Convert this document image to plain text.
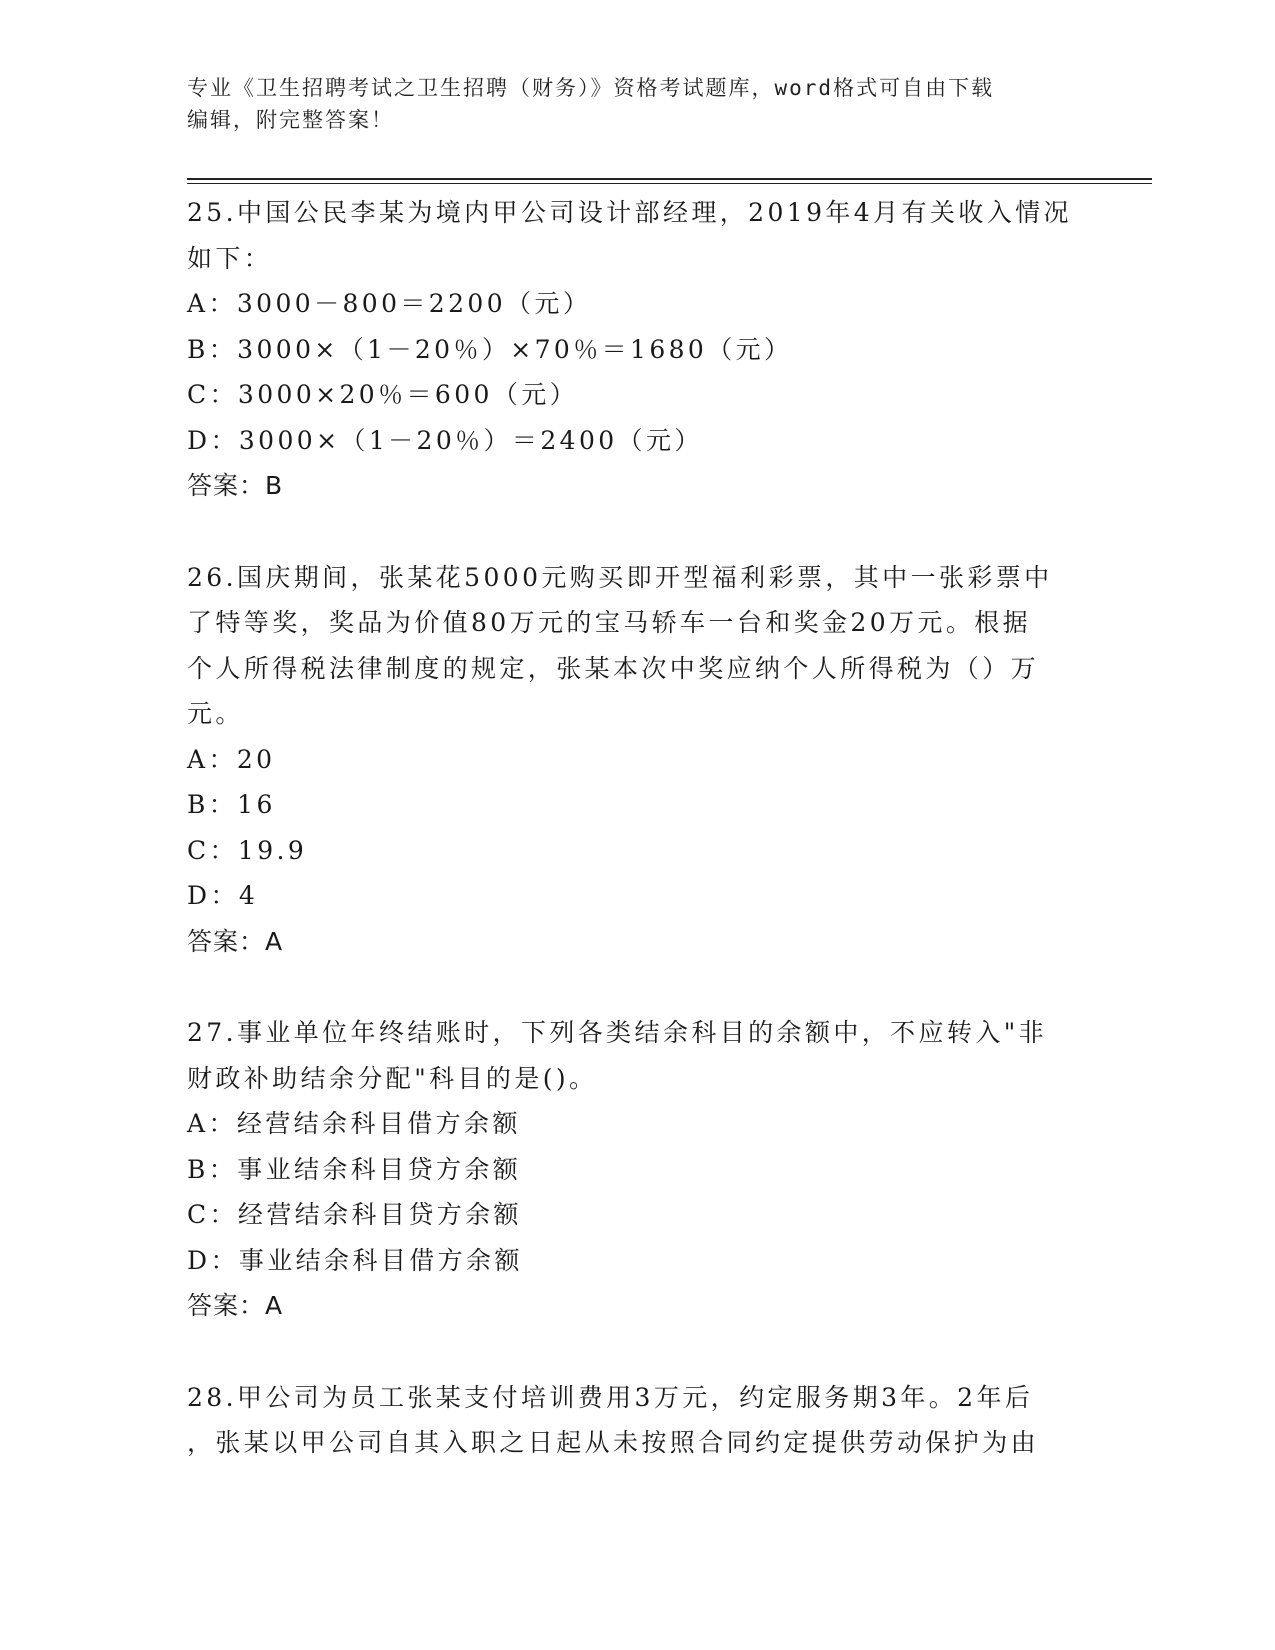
专业《卫生招聘考试之卫生招聘（财务）》资格考试题库，word格式可自由下载
编辑，附完整答案！
25.中国公民李某为境内甲公司设计部经理，2019年4月有关收入情况
如下：
A：3000－800＝2200（元）
B：3000×（1－20％）×70％＝1680（元）
C：3000×20％＝600（元）
D：3000×（1－20％）＝2400（元）
答案：B
26.国庆期间，张某花5000元购买即开型福利彩票，其中一张彩票中
了特等奖，奖品为价值80万元的宝马轿车一台和奖金20万元。根据
个人所得税法律制度的规定，张某本次中奖应纳个人所得税为（）万
元。
A：20
B：16
C：19.9
D：4
答案：A
27.事业单位年终结账时，下列各类结余科目的余额中，不应转入"非
财政补助结余分配"科目的是()。
A：经营结余科目借方余额
B：事业结余科目贷方余额
C：经营结余科目贷方余额
D：事业结余科目借方余额
答案：A
28.甲公司为员工张某支付培训费用3万元，约定服务期3年。2年后
，张某以甲公司自其入职之日起从未按照合同约定提供劳动保护为由
